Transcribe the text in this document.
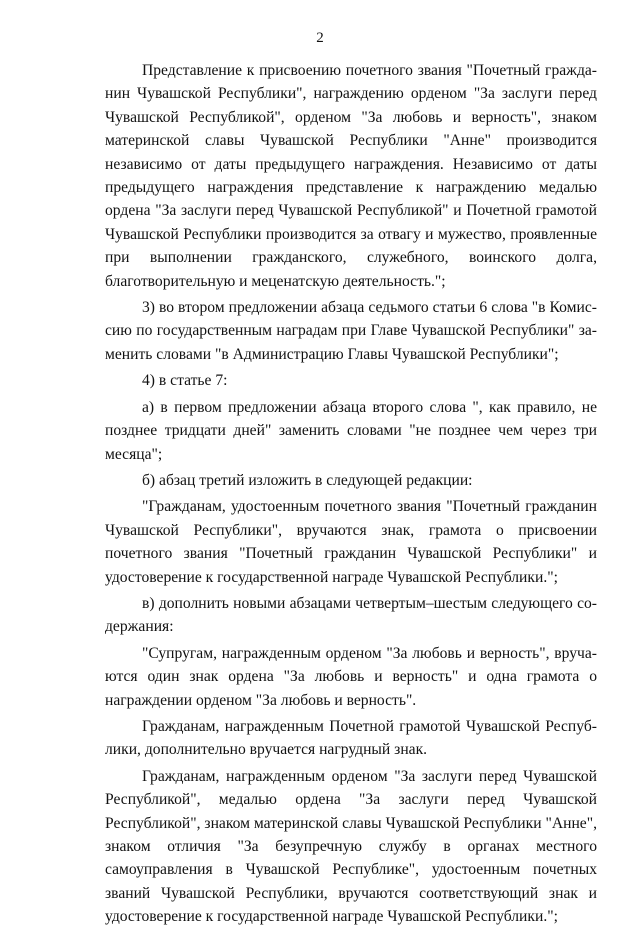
2

Представление к присвоению почетного звания "Почетный гражданин Чувашской Республики", награждению орденом "За заслуги перед Чувашской Республикой", орденом "За любовь и верность", знаком материнской славы Чувашской Республики "Анне" производится независимо от даты предыдущего награждения. Независимо от даты предыдущего награждения представление к награждению медалью ордена "За заслуги перед Чувашской Республикой" и Почетной грамотой Чувашской Республики производится за отвагу и мужество, проявленные при выполнении гражданского, служебного, воинского долга, благотворительную и меценатскую деятельность.";

3) во втором предложении абзаца седьмого статьи 6 слова "в Комиссию по государственным наградам при Главе Чувашской Республики" заменить словами "в Администрацию Главы Чувашской Республики";

4) в статье 7:

а) в первом предложении абзаца второго слова ", как правило, не позднее тридцати дней" заменить словами "не позднее чем через три месяца";

б) абзац третий изложить в следующей редакции:

"Гражданам, удостоенным почетного звания "Почетный гражданин Чувашской Республики", вручаются знак, грамота о присвоении почетного звания "Почетный гражданин Чувашской Республики" и удостоверение к государственной награде Чувашской Республики.";

в) дополнить новыми абзацами четвертым–шестым следующего содержания:

"Супругам, награжденным орденом "За любовь и верность", вручаются один знак ордена "За любовь и верность" и одна грамота о награждении орденом "За любовь и верность".

Гражданам, награжденным Почетной грамотой Чувашской Республики, дополнительно вручается нагрудный знак.

Гражданам, награжденным орденом "За заслуги перед Чувашской Республикой", медалью ордена "За заслуги перед Чувашской Республикой", знаком материнской славы Чувашской Республики "Анне", знаком отличия "За безупречную службу в органах местного самоуправления в Чувашской Республике", удостоенным почетных званий Чувашской Республики, вручаются соответствующий знак и удостоверение к государственной награде Чувашской Республики.";
